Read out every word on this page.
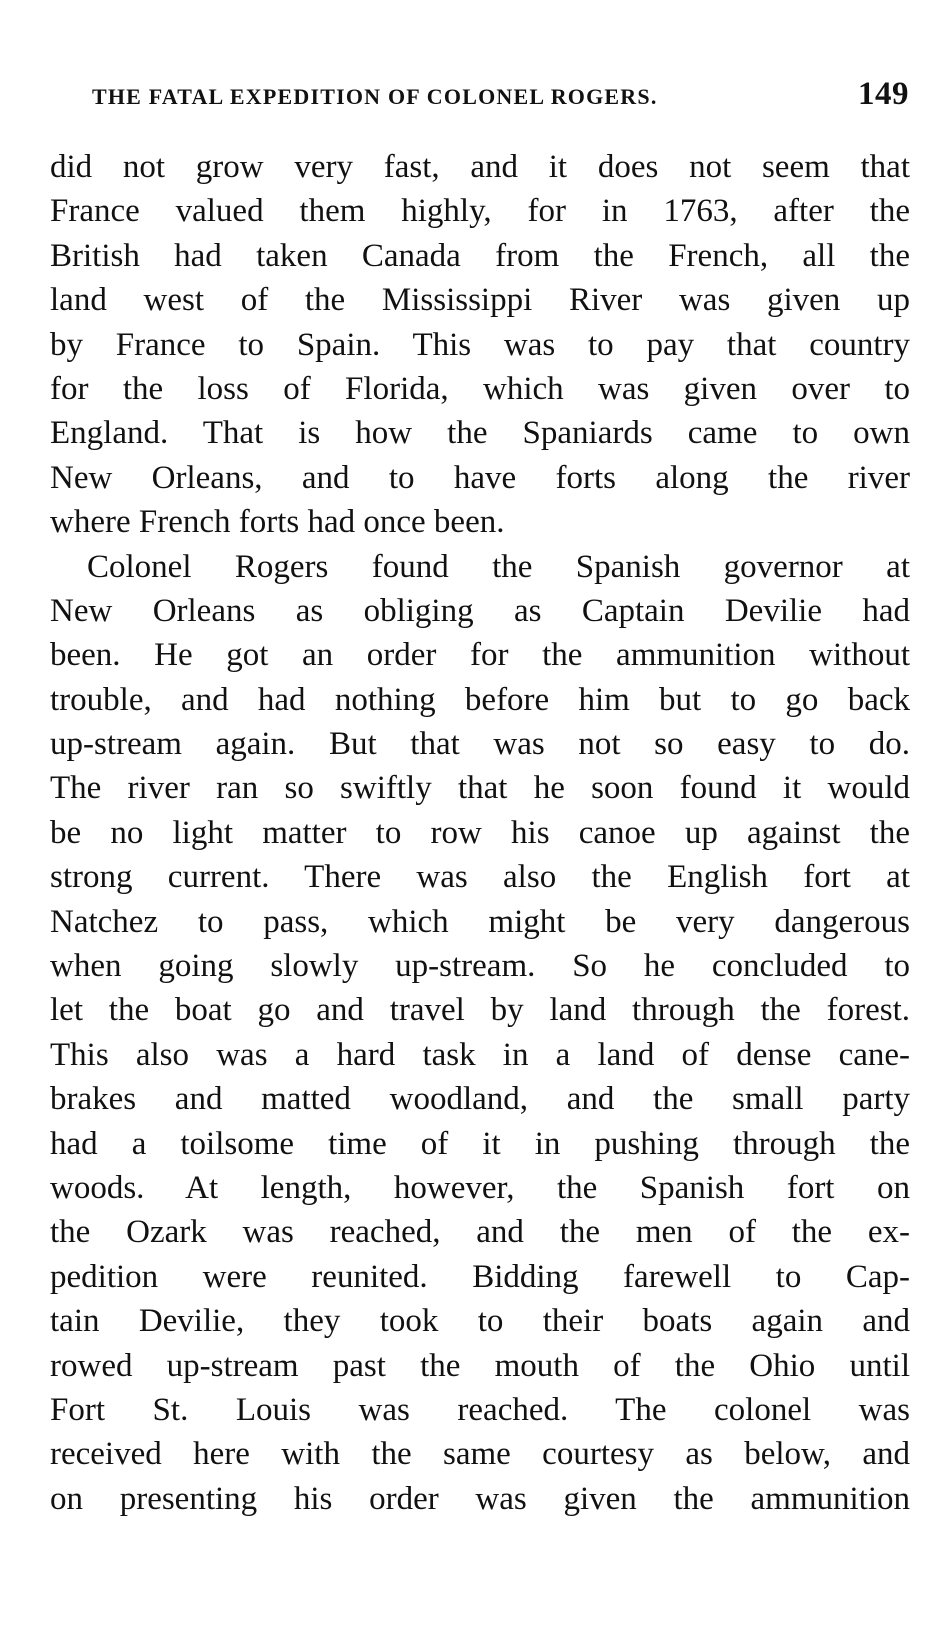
THE FATAL EXPEDITION OF COLONEL ROGERS.	149
did not grow very fast, and it does not seem that
France valued them highly, for in 1763, after the
British had taken Canada from the French, all the
land west of the Mississippi River was given up
by France to Spain. This was to pay that country
for the loss of Florida, which was given over to
England. That is how the Spaniards came to own
New Orleans, and to have forts along the river
where French forts had once been.
Colonel Rogers found the Spanish governor at
New Orleans as obliging as Captain Devilie had
been. He got an order for the ammunition without
trouble, and had nothing before him but to go back
up-stream again. But that was not so easy to do.
The river ran so swiftly that he soon found it would
be no light matter to row his canoe up against the
strong current. There was also the English fort at
Natchez to pass, which might be very dangerous
when going slowly up-stream. So he concluded to
let the boat go and travel by land through the forest.
This also was a hard task in a land of dense cane-
brakes and matted woodland, and the small party
had a toilsome time of it in pushing through the
woods. At length, however, the Spanish fort on
the Ozark was reached, and the men of the ex-
pedition were reunited. Bidding farewell to Cap-
tain Devilie, they took to their boats again and
rowed up-stream past the mouth of the Ohio until
Fort St. Louis was reached. The colonel was
received here with the same courtesy as below, and
on presenting his order was given the ammunition
